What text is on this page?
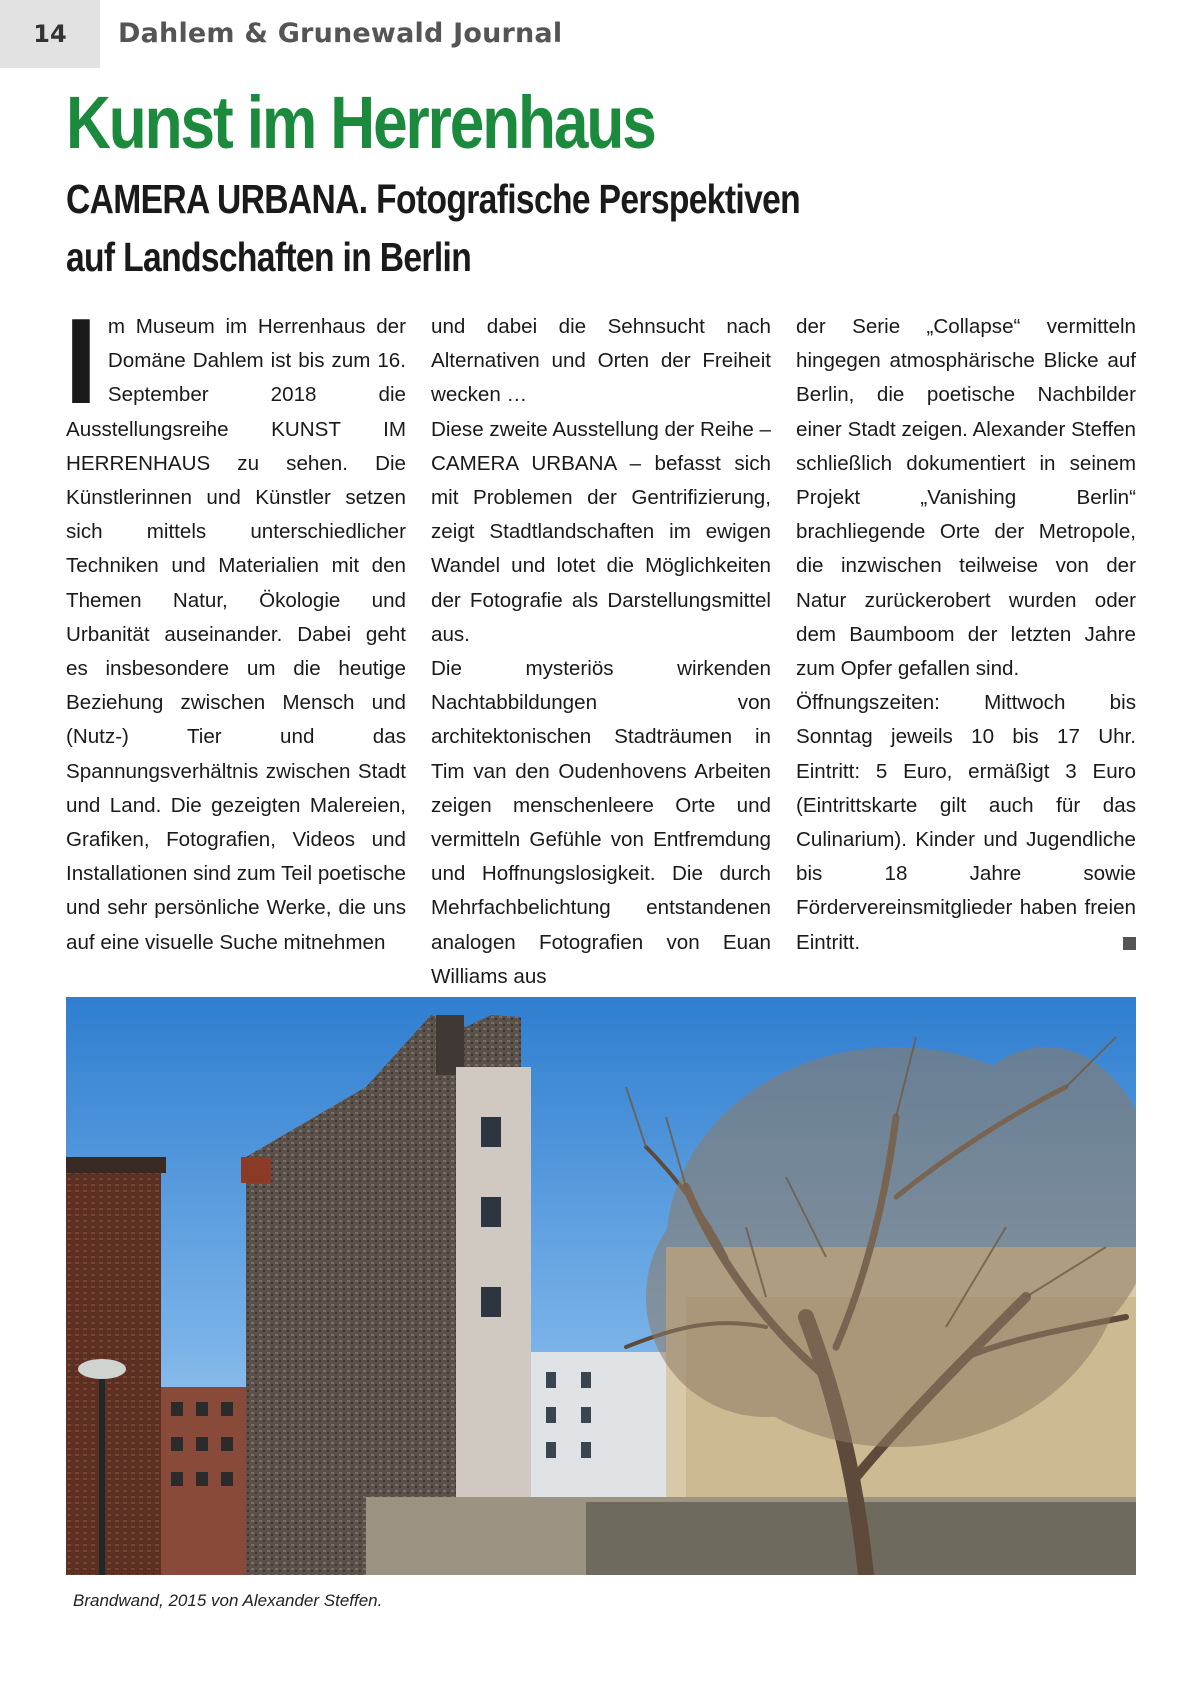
14	Dahlem & Grunewald Journal
Kunst im Herrenhaus
CAMERA URBANA. Fotografische Perspektiven
auf Landschaften in Berlin
I m Museum im Herrenhaus der Domäne Dahlem ist bis zum 16. September 2018 die Ausstellungsreihe KUNST IM HERRENHAUS zu sehen. Die Künstlerinnen und Künstler setzen sich mittels unterschiedlicher Techniken und Materialien mit den Themen Natur, Ökologie und Urbanität auseinander. Dabei geht es insbesondere um die heutige Beziehung zwischen Mensch und (Nutz-) Tier und das Spannungsverhältnis zwischen Stadt und Land. Die gezeigten Malereien, Grafiken, Fotografien, Videos und Installationen sind zum Teil poetische und sehr persönliche Werke, die uns auf eine visuelle Suche mitnehmen

und dabei die Sehnsucht nach Alternativen und Orten der Freiheit wecken …

Diese zweite Ausstellung der Reihe – CAMERA URBANA – befasst sich mit Problemen der Gentrifizierung, zeigt Stadtlandschaften im ewigen Wandel und lotet die Möglichkeiten der Fotografie als Darstellungsmittel aus.

Die mysteriös wirkenden Nachtabbildungen von architektonischen Stadträumen in Tim van den Oudenhovens Arbeiten zeigen menschenleere Orte und vermitteln Gefühle von Entfremdung und Hoffnungslosigkeit. Die durch Mehrfachbelichtung entstandenen analogen Fotografien von Euan Williams aus

der Serie „Collapse“ vermitteln hingegen atmosphärische Blicke auf Berlin, die poetische Nachbilder einer Stadt zeigen. Alexander Steffen schließlich dokumentiert in seinem Projekt „Vanishing Berlin“ brachliegende Orte der Metropole, die inzwischen teilweise von der Natur zurückerobert wurden oder dem Baumboom der letzten Jahre zum Opfer gefallen sind.

Öffnungszeiten: Mittwoch bis Sonntag jeweils 10 bis 17 Uhr. Eintritt: 5 Euro, ermäßigt 3 Euro (Eintrittskarte gilt auch für das Culinarium). Kinder und Jugendliche bis 18 Jahre sowie Fördervereinsmitglieder haben freien Eintritt.

Brandwand, 2015 von Alexander Steffen.
